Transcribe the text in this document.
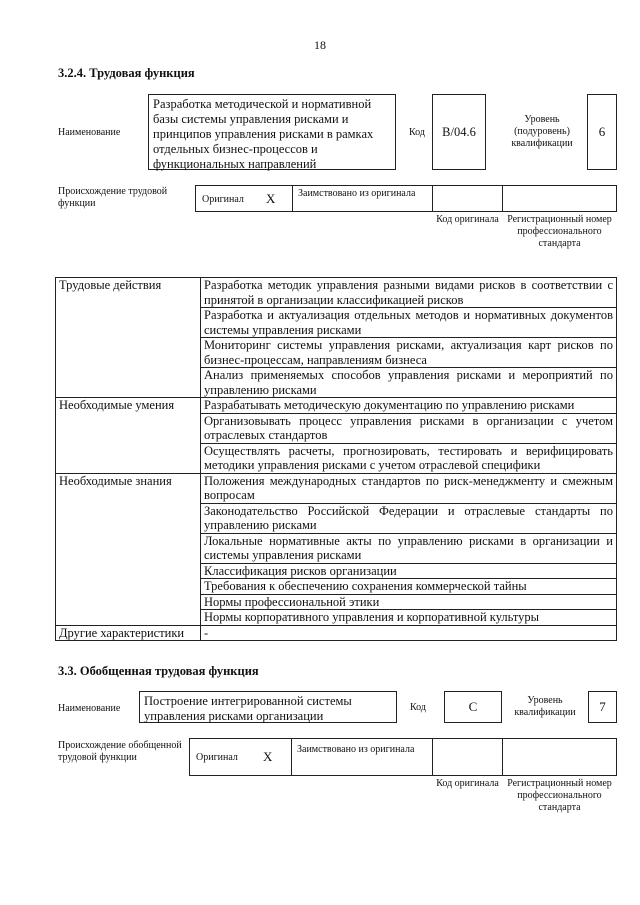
18
3.2.4. Трудовая функция
Наименование
Разработка методической и нормативной базы системы управления рисками и принципов управления рисками в рамках отдельных бизнес-процессов и функциональных направлений
Код B/04.6
Уровень (подуровень) квалификации
6
Происхождение трудовой функции	Оригинал X Заимствовано из оригинала
Код оригинала Регистрационный номер профессионального стандарта
Трудовые действия	Разработка методик управления разными видами рисков в соответствии с принятой в организации классификацией рисков
	Разработка и актуализация отдельных методов и нормативных документов системы управления рисками
	Мониторинг системы управления рисками, актуализация карт рисков по бизнес-процессам, направлениям бизнеса
	Анализ применяемых способов управления рисками и мероприятий по управлению рисками
Необходимые умения	Разрабатывать методическую документацию по управлению рисками
	Организовывать процесс управления рисками в организации с учетом отраслевых стандартов
	Осуществлять расчеты, прогнозировать, тестировать и верифицировать методики управления рисками с учетом отраслевой специфики
Необходимые знания	Положения международных стандартов по риск-менеджменту и смежным вопросам
	Законодательство Российской Федерации и отраслевые стандарты по управлению рисками
	Локальные нормативные акты по управлению рисками в организации и системы управления рисками
	Классификация рисков организации
	Требования к обеспечению сохранения коммерческой тайны
	Нормы профессиональной этики
	Нормы корпоративного управления и корпоративной культуры
Другие характеристики	-
3.3. Обобщенная трудовая функция
Наименование
Построение интегрированной системы управления рисками организации
Код	C	Уровень квалификации	7
Происхождение обобщенной трудовой функции	Оригинал X Заимствовано из оригинала
Код оригинала Регистрационный номер профессионального стандарта
